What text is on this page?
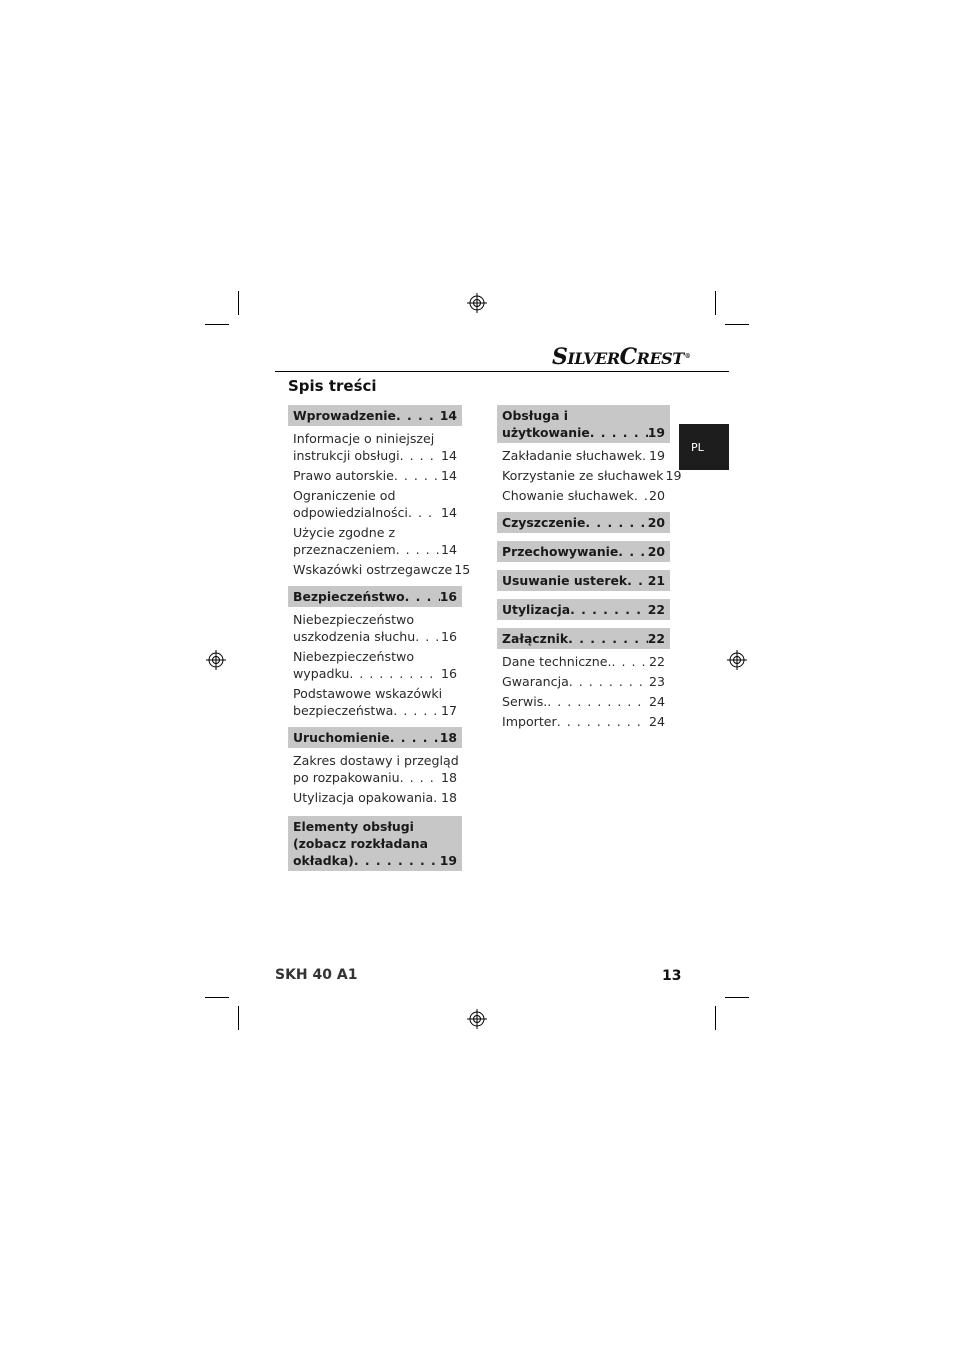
SILVERCREST®
Spis treści
PL
Wprowadzenie . . .	14
Informacje o niniejszej
instrukcji obsługi . . .	14
Prawo autorskie . . .	14
Ograniczenie od
odpowiedzialności . . .	14
Użycie zgodne z
przeznaczeniem . . .	14
Wskazówki ostrzegawcze 15
Bezpieczeństwo . . .	16
Niebezpieczeństwo
uszkodzenia słuchu . . . 16
Niebezpieczeństwo
wypadku . . .	16
Podstawowe wskazówki
bezpieczeństwa . . .	17
Uruchomienie . . .	18
Zakres dostawy i przegląd
po rozpakowaniu . . .	18
Utylizacja opakowania . . . 18
Elementy obsługi
(zobacz rozkładana
okładka) . . .	19
Obsługa i
użytkowanie . . .	19
Zakładanie słuchawek . . . 19
Korzystanie ze słuchawek 19
Chowanie słuchawek . . . 20
Czyszczenie . . .	20
Przechowywanie . . . 20
Usuwanie usterek . . . 21
Utylizacja . . .	22
Załącznik . . .	22
Dane techniczne. . . .	22
Gwarancja . . .	23
Serwis. . . .	24
Importer . . .	24
SKH 40 A1	13
